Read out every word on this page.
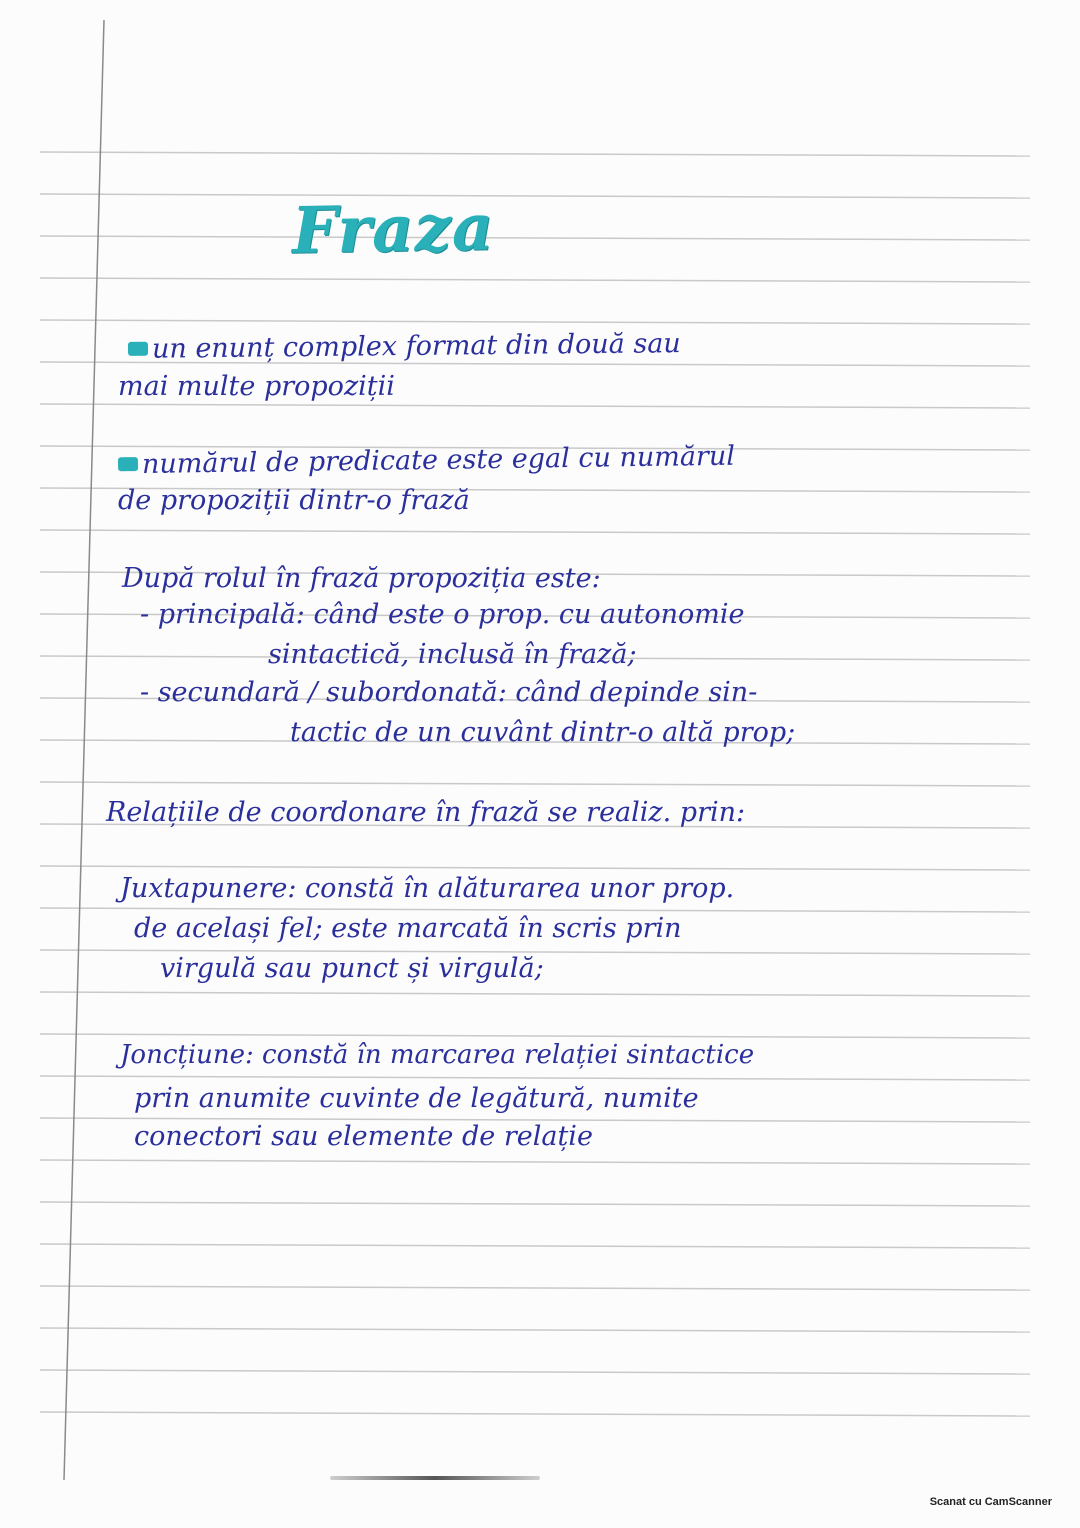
Fraza
un enunț complex format din două sau
mai multe propoziții
numărul de predicate este egal cu numărul
de propoziții dintr-o frază
După rolul în frază propoziția este:
- principală: când este o prop. cu autonomie
sintactică, inclusă în frază;
- secundară / subordonată: când depinde sin-
tactic de un cuvânt dintr-o altă prop;
Relațiile de coordonare în frază se realiz. prin:
Juxtapunere: constă în alăturarea unor prop.
de același fel; este marcată în scris prin
virgulă sau punct și virgulă;
Joncțiune: constă în marcarea relației sintactice
prin anumite cuvinte de legătură, numite
conectori sau elemente de relație
Scanat cu CamScanner
